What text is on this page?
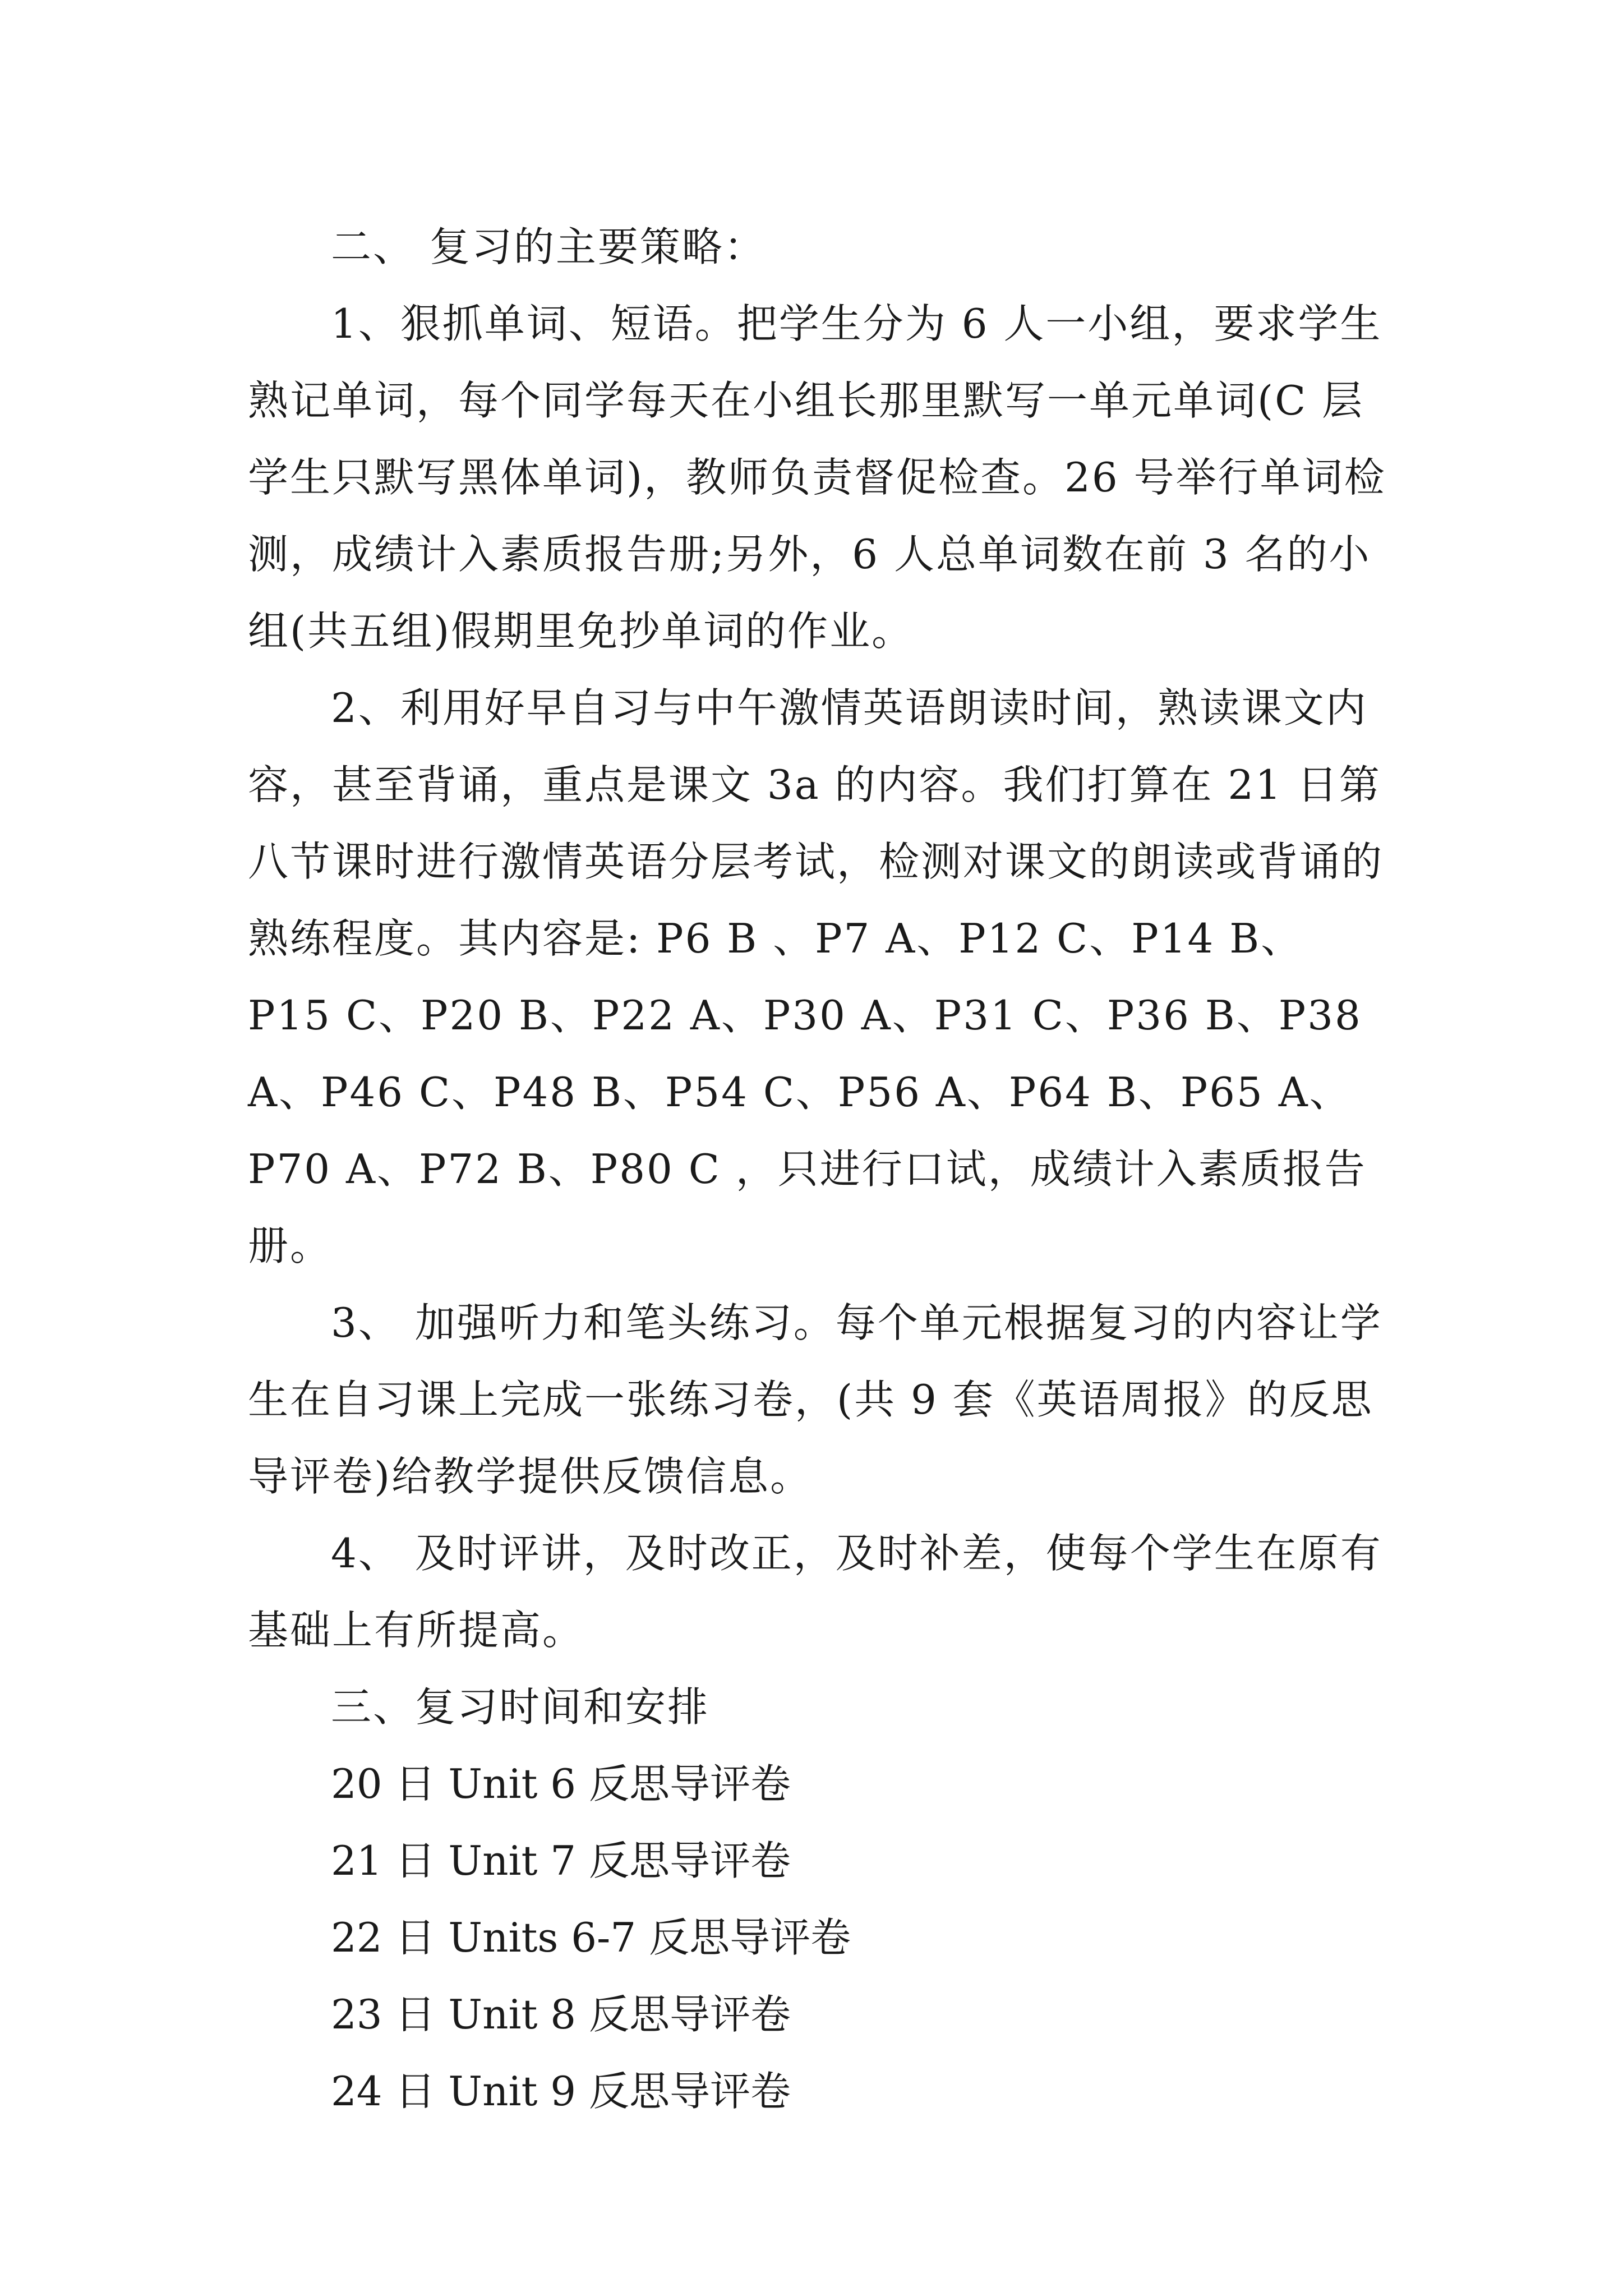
二、 复习的主要策略：

1、狠抓单词、短语。把学生分为 6 人一小组，要求学生熟记单词，每个同学每天在小组长那里默写一单元单词(C 层学生只默写黑体单词)，教师负责督促检查。26 号举行单词检测，成绩计入素质报告册;另外，6 人总单词数在前 3 名的小组(共五组)假期里免抄单词的作业。

2、利用好早自习与中午激情英语朗读时间，熟读课文内容，甚至背诵，重点是课文 3a 的内容。我们打算在 21 日第八节课时进行激情英语分层考试，检测对课文的朗读或背诵的熟练程度。其内容是: P6 B 、P7 A、P12 C、P14 B、P15 C、P20 B、P22 A、P30 A、P31 C、P36 B、P38 A、P46 C、P48 B、P54 C、P56 A、P64 B、P65 A、P70 A、P72 B、P80 C ，只进行口试，成绩计入素质报告册。

3、 加强听力和笔头练习。每个单元根据复习的内容让学生在自习课上完成一张练习卷，(共 9 套《英语周报》的反思导评卷)给教学提供反馈信息。

4、 及时评讲，及时改正，及时补差，使每个学生在原有基础上有所提高。

三、复习时间和安排

20 日 Unit 6 反思导评卷

21 日 Unit 7 反思导评卷

22 日 Units 6-7 反思导评卷

23 日 Unit 8 反思导评卷

24 日 Unit 9 反思导评卷
